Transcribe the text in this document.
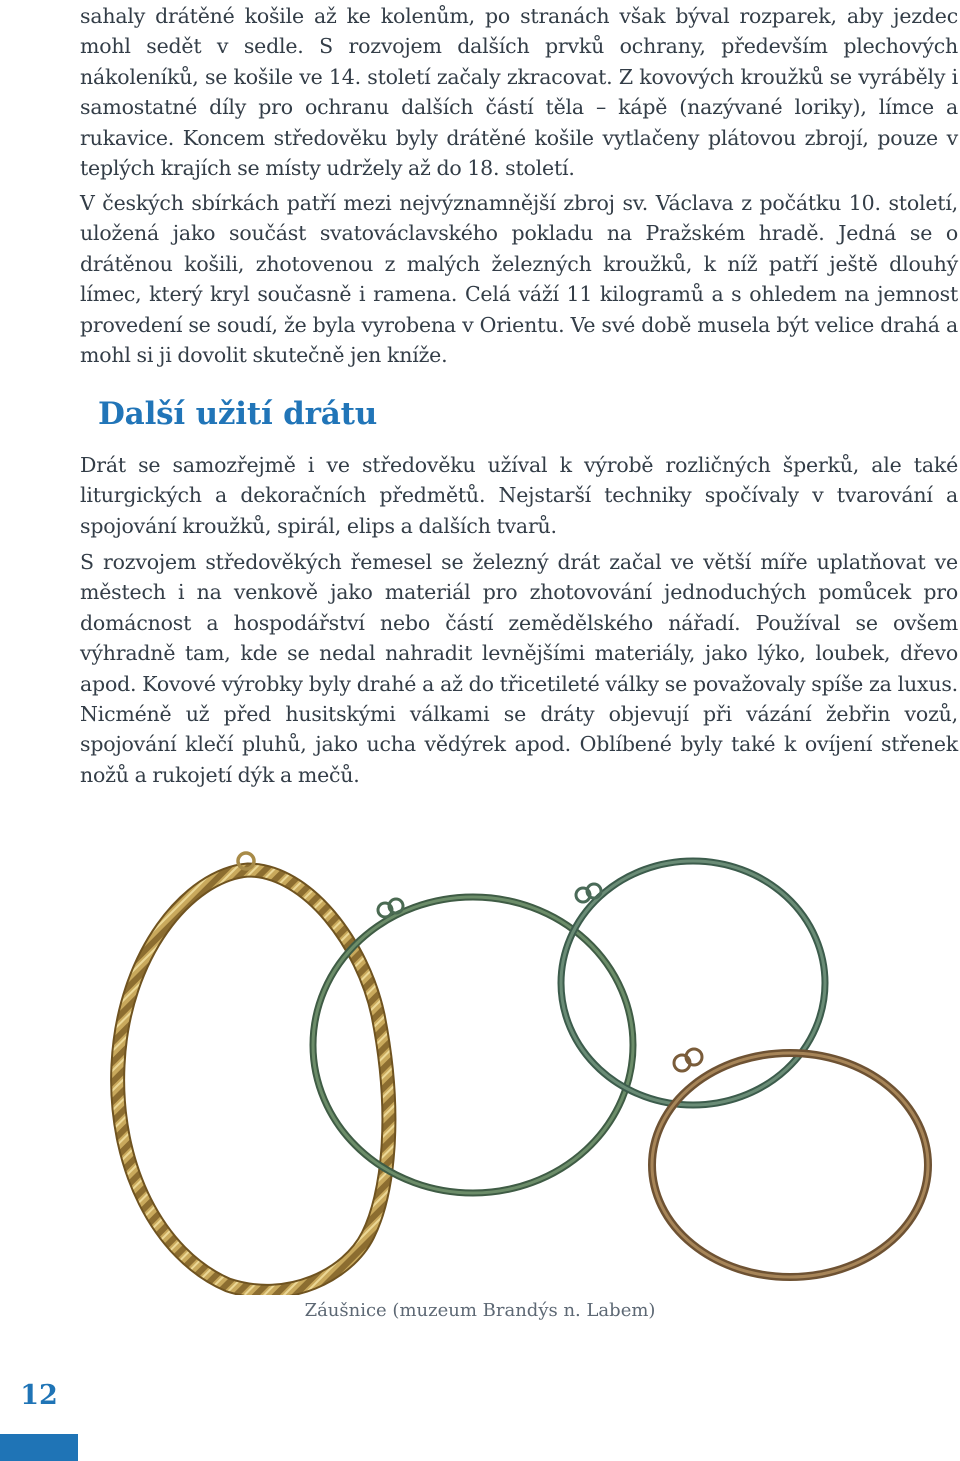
sahaly drátěné košile až ke kolenům, po stranách však býval rozparek, aby jezdec mohl sedět v sedle. S rozvojem dalších prvků ochrany, především plechových nákoleníků, se košile ve 14. století začaly zkracovat. Z kovových kroužků se vyráběly i samostatné díly pro ochranu dalších částí těla – kápě (nazývané loriky), límce a rukavice. Koncem středověku byly drátěné košile vytlačeny plátovou zbrojí, pouze v teplých krajích se místy udržely až do 18. století.

V českých sbírkách patří mezi nejvýznamnější zbroj sv. Václava z počátku 10. století, uložená jako součást svatováclavského pokladu na Pražském hradě. Jedná se o drátěnou košili, zhotovenou z malých železných kroužků, k níž patří ještě dlouhý límec, který kryl současně i ramena. Celá váží 11 kilogramů a s ohledem na jemnost provedení se soudí, že byla vyrobena v Orientu. Ve své době musela být velice drahá a mohl si ji dovolit skutečně jen kníže.

Další užití drátu

Drát se samozřejmě i ve středověku užíval k výrobě rozličných šperků, ale také liturgických a dekoračních předmětů. Nejstarší techniky spočívaly v tvarování a spojování kroužků, spirál, elips a dalších tvarů.

S rozvojem středověkých řemesel se železný drát začal ve větší míře uplatňovat ve městech i na venkově jako materiál pro zhotovování jednoduchých pomůcek pro domácnost a hospodářství nebo částí zemědělského nářadí. Používal se ovšem výhradně tam, kde se nedal nahradit levnějšími materiály, jako lýko, loubek, dřevo apod. Kovové výrobky byly drahé a až do třicetileté války se považovaly spíše za luxus. Nicméně už před husitskými válkami se dráty objevují při vázání žebřin vozů, spojování klečí pluhů, jako ucha vědýrek apod. Oblíbené byly také k ovíjení střenek nožů a rukojetí dýk a mečů.

Záušnice (muzeum Brandýs n. Labem)

12
